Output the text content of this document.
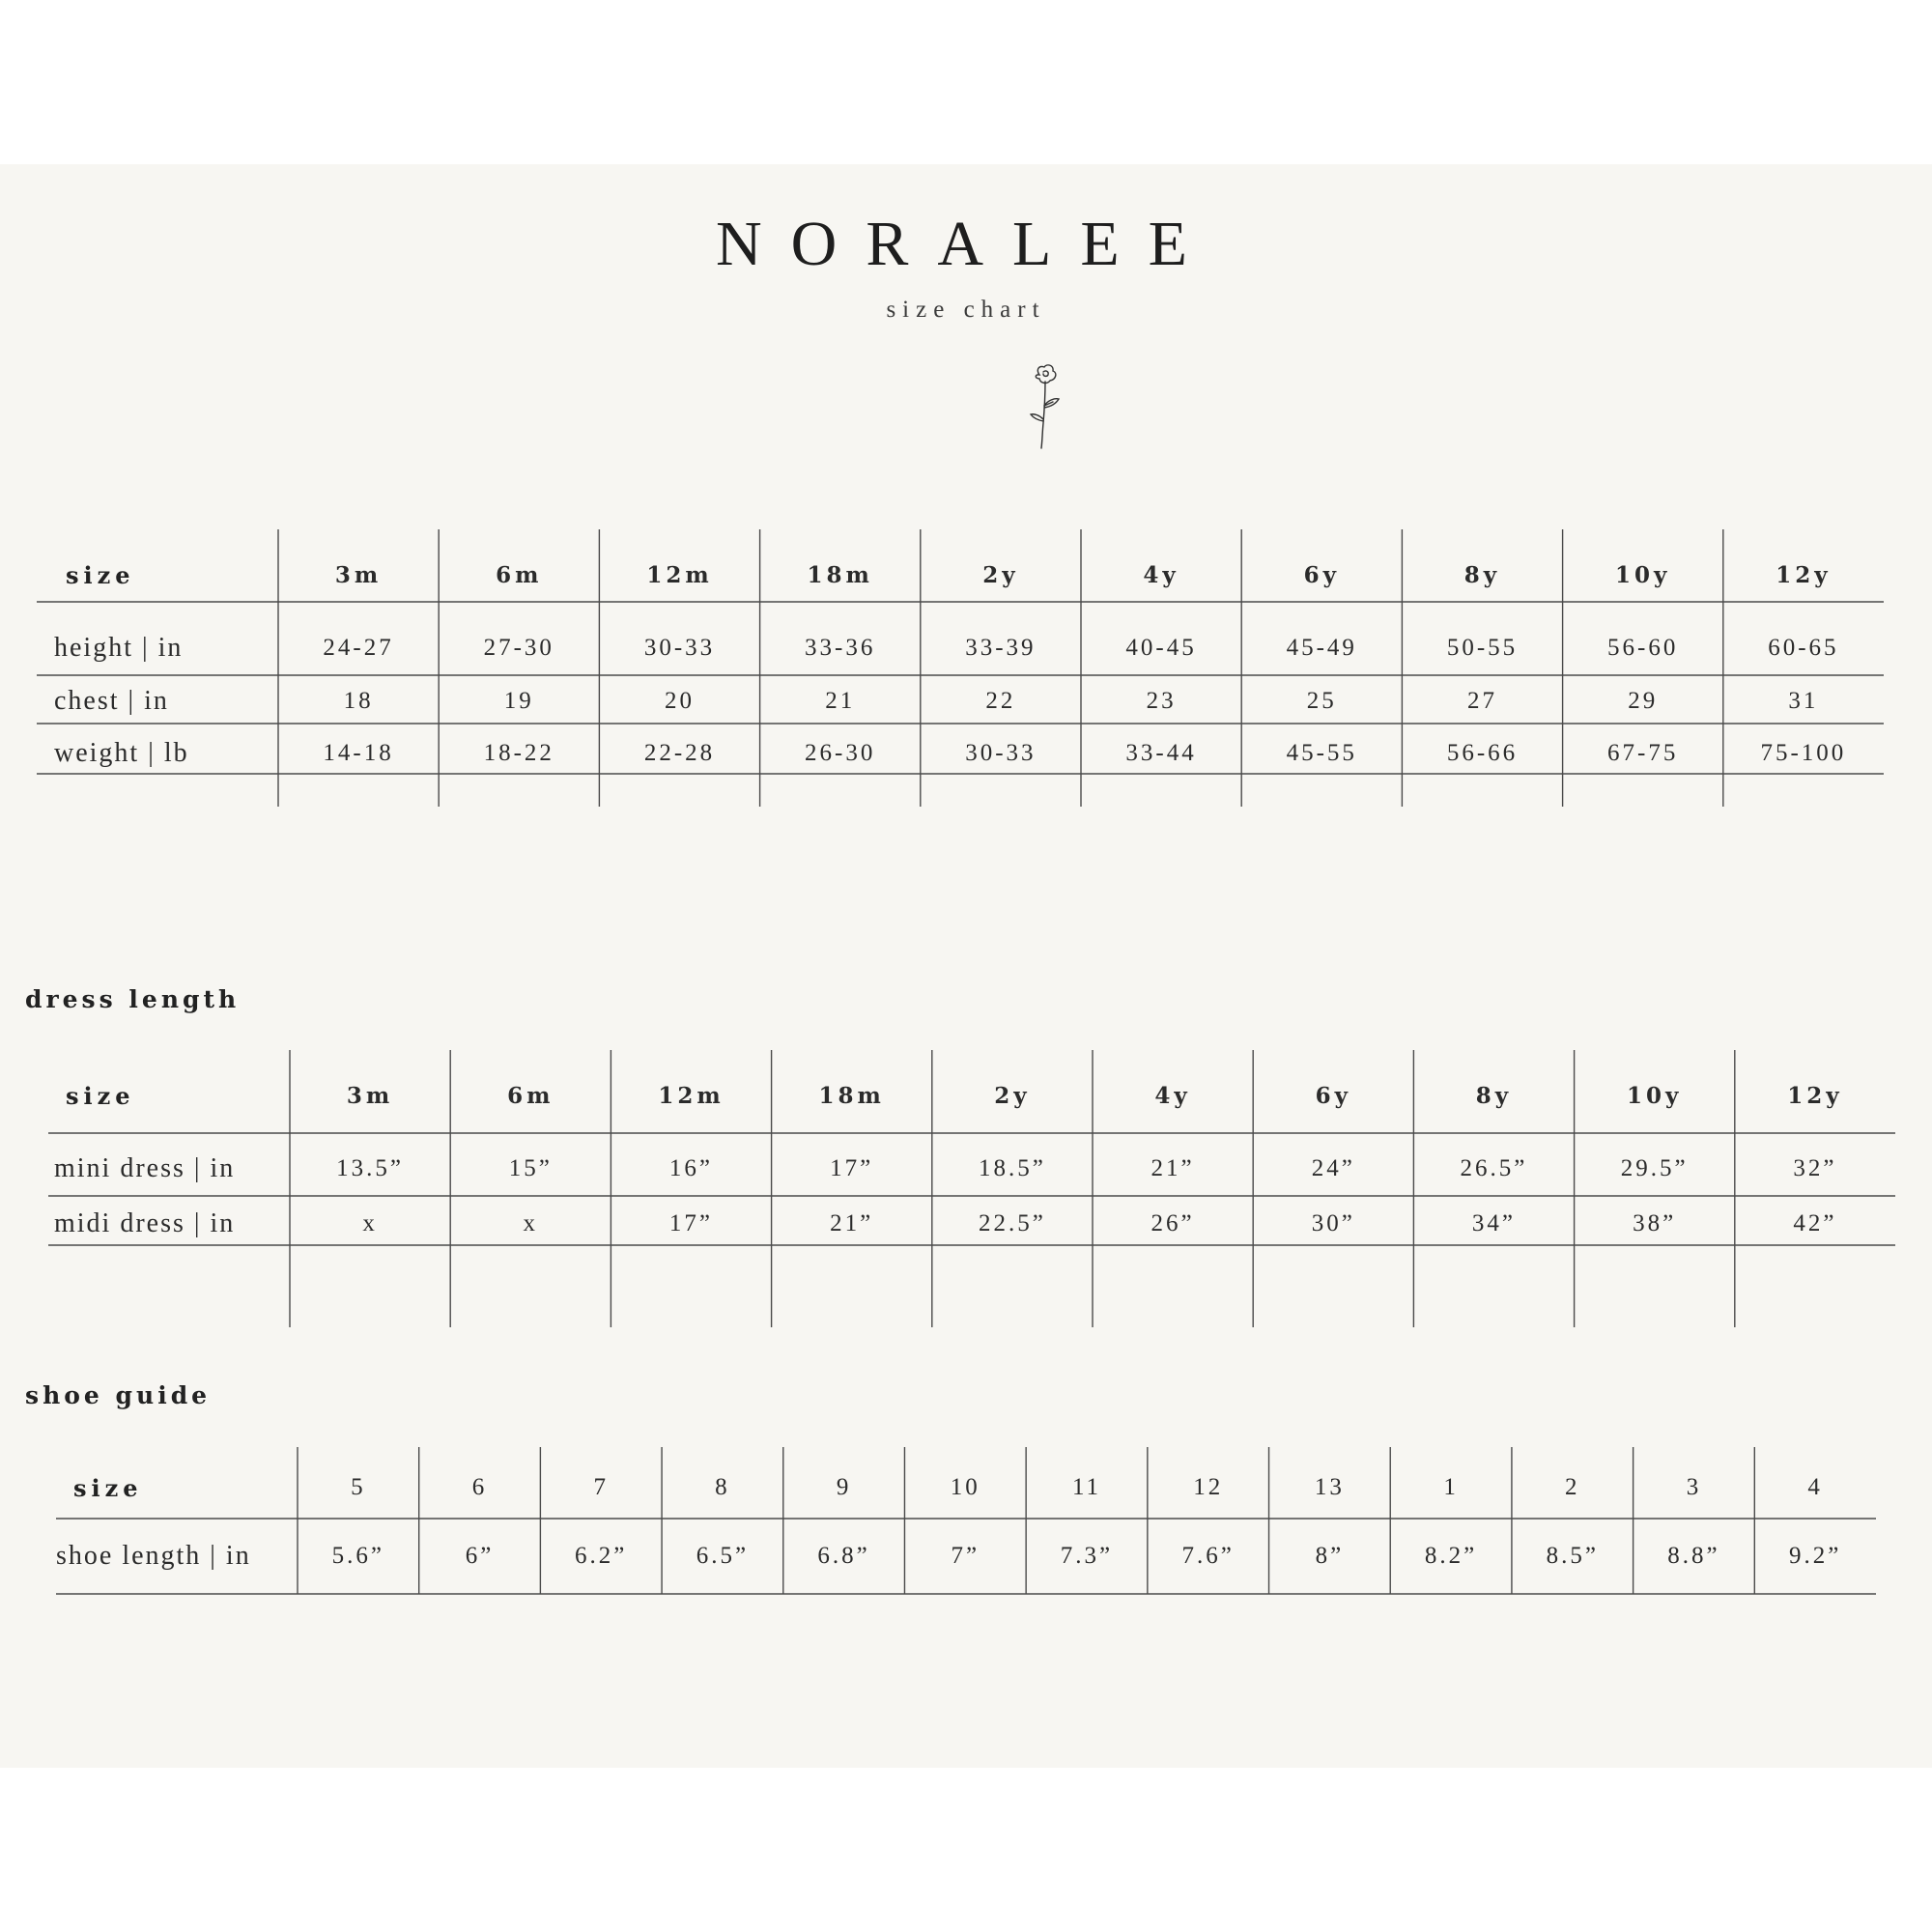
NORALEE
size chart
size	3m	6m	12m	18m	2y	4y	6y	8y	10y	12y
height | in	24-27	27-30	30-33	33-36	33-39	40-45	45-49	50-55	56-60	60-65
chest | in	18	19	20	21	22	23	25	27	29	31
weight | lb	14-18	18-22	22-28	26-30	30-33	33-44	45-55	56-66	67-75	75-100
dress length
size	3m	6m	12m	18m	2y	4y	6y	8y	10y	12y
mini dress | in	13.5”	15”	16”	17”	18.5”	21”	24”	26.5”	29.5”	32”
midi dress | in	x	x	17”	21”	22.5”	26”	30”	34”	38”	42”
shoe guide
size	5	6	7	8	9	10	11	12	13	1	2	3	4
shoe length | in	5.6”	6”	6.2”	6.5”	6.8”	7”	7.3”	7.6”	8”	8.2”	8.5”	8.8”	9.2”
